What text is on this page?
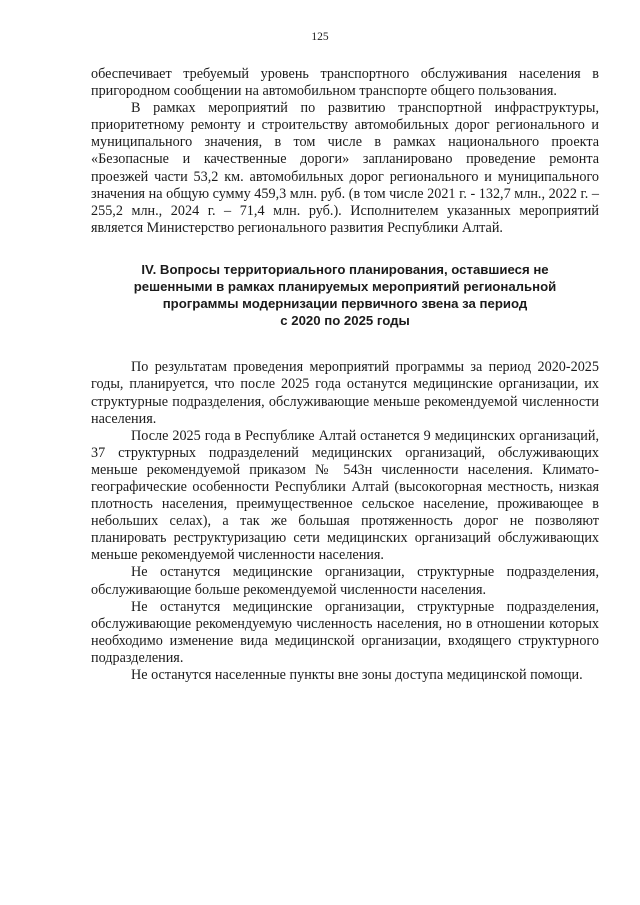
125

обеспечивает требуемый уровень транспортного обслуживания населения в пригородном сообщении на автомобильном транспорте общего пользования.

В рамках мероприятий по развитию транспортной инфраструктуры, приоритетному ремонту и строительству автомобильных дорог регионального и муниципального значения, в том числе в рамках национального проекта «Безопасные и качественные дороги» запланировано проведение ремонта проезжей части 53,2 км. автомобильных дорог регионального и муниципального значения на общую сумму 459,3 млн. руб. (в том числе 2021 г. - 132,7 млн., 2022 г. – 255,2 млн., 2024 г. – 71,4 млн. руб.). Исполнителем указанных мероприятий является Министерство регионального развития Республики Алтай.

IV. Вопросы территориального планирования, оставшиеся не
решенными в рамках планируемых мероприятий региональной
программы модернизации первичного звена за период
с 2020 по 2025 годы

По результатам проведения мероприятий программы за период 2020-2025 годы, планируется, что после 2025 года останутся медицинские организации, их структурные подразделения, обслуживающие меньше рекомендуемой численности населения.

После 2025 года в Республике Алтай останется 9 медицинских организаций, 37 структурных подразделений медицинских организаций, обслуживающих меньше рекомендуемой приказом № 543н численности населения. Климато-географические особенности Республики Алтай (высокогорная местность, низкая плотность населения, преимущественное сельское население, проживающее в небольших селах), а так же большая протяженность дорог не позволяют планировать реструктуризацию сети медицинских организаций обслуживающих меньше рекомендуемой численности населения.

Не останутся медицинские организации, структурные подразделения, обслуживающие больше рекомендуемой численности населения.

Не останутся медицинские организации, структурные подразделения, обслуживающие рекомендуемую численность населения, но в отношении которых необходимо изменение вида медицинской организации, входящего структурного подразделения.

Не останутся населенные пункты вне зоны доступа медицинской помощи.
